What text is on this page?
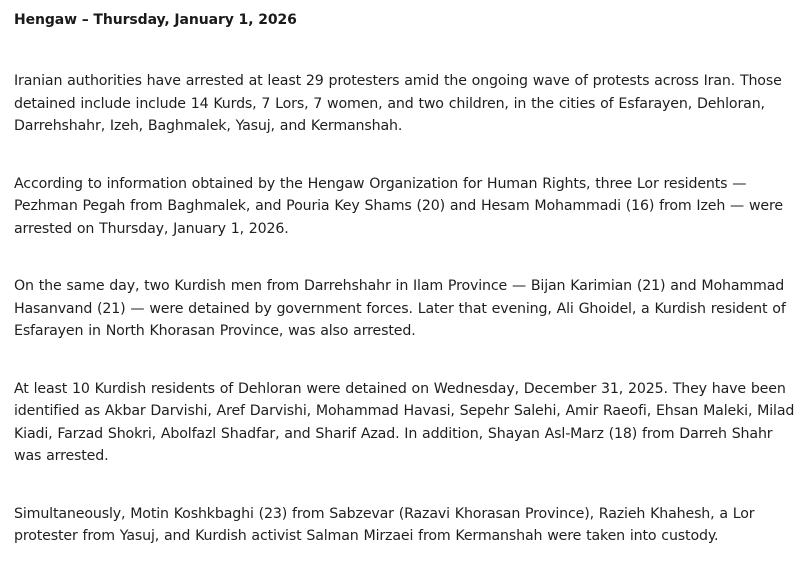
Hengaw – Thursday, January 1, 2026

Iranian authorities have arrested at least 29 protesters amid the ongoing wave of protests across Iran. Those detained include include 14 Kurds, 7 Lors, 7 women, and two children, in the cities of Esfarayen, Dehloran, Darrehshahr, Izeh, Baghmalek, Yasuj, and Kermanshah.

According to information obtained by the Hengaw Organization for Human Rights, three Lor residents — Pezhman Pegah from Baghmalek, and Pouria Key Shams (20) and Hesam Mohammadi (16) from Izeh — were arrested on Thursday, January 1, 2026.

On the same day, two Kurdish men from Darrehshahr in Ilam Province — Bijan Karimian (21) and Mohammad Hasanvand (21) — were detained by government forces. Later that evening, Ali Ghoidel, a Kurdish resident of Esfarayen in North Khorasan Province, was also arrested.

At least 10 Kurdish residents of Dehloran were detained on Wednesday, December 31, 2025. They have been identified as Akbar Darvishi, Aref Darvishi, Mohammad Havasi, Sepehr Salehi, Amir Raeofi, Ehsan Maleki, Milad Kiadi, Farzad Shokri, Abolfazl Shadfar, and Sharif Azad. In addition, Shayan Asl-Marz (18) from Darreh Shahr was arrested.

Simultaneously, Motin Koshkbaghi (23) from Sabzevar (Razavi Khorasan Province), Razieh Khahesh, a Lor protester from Yasuj, and Kurdish activist Salman Mirzaei from Kermanshah were taken into custody.
